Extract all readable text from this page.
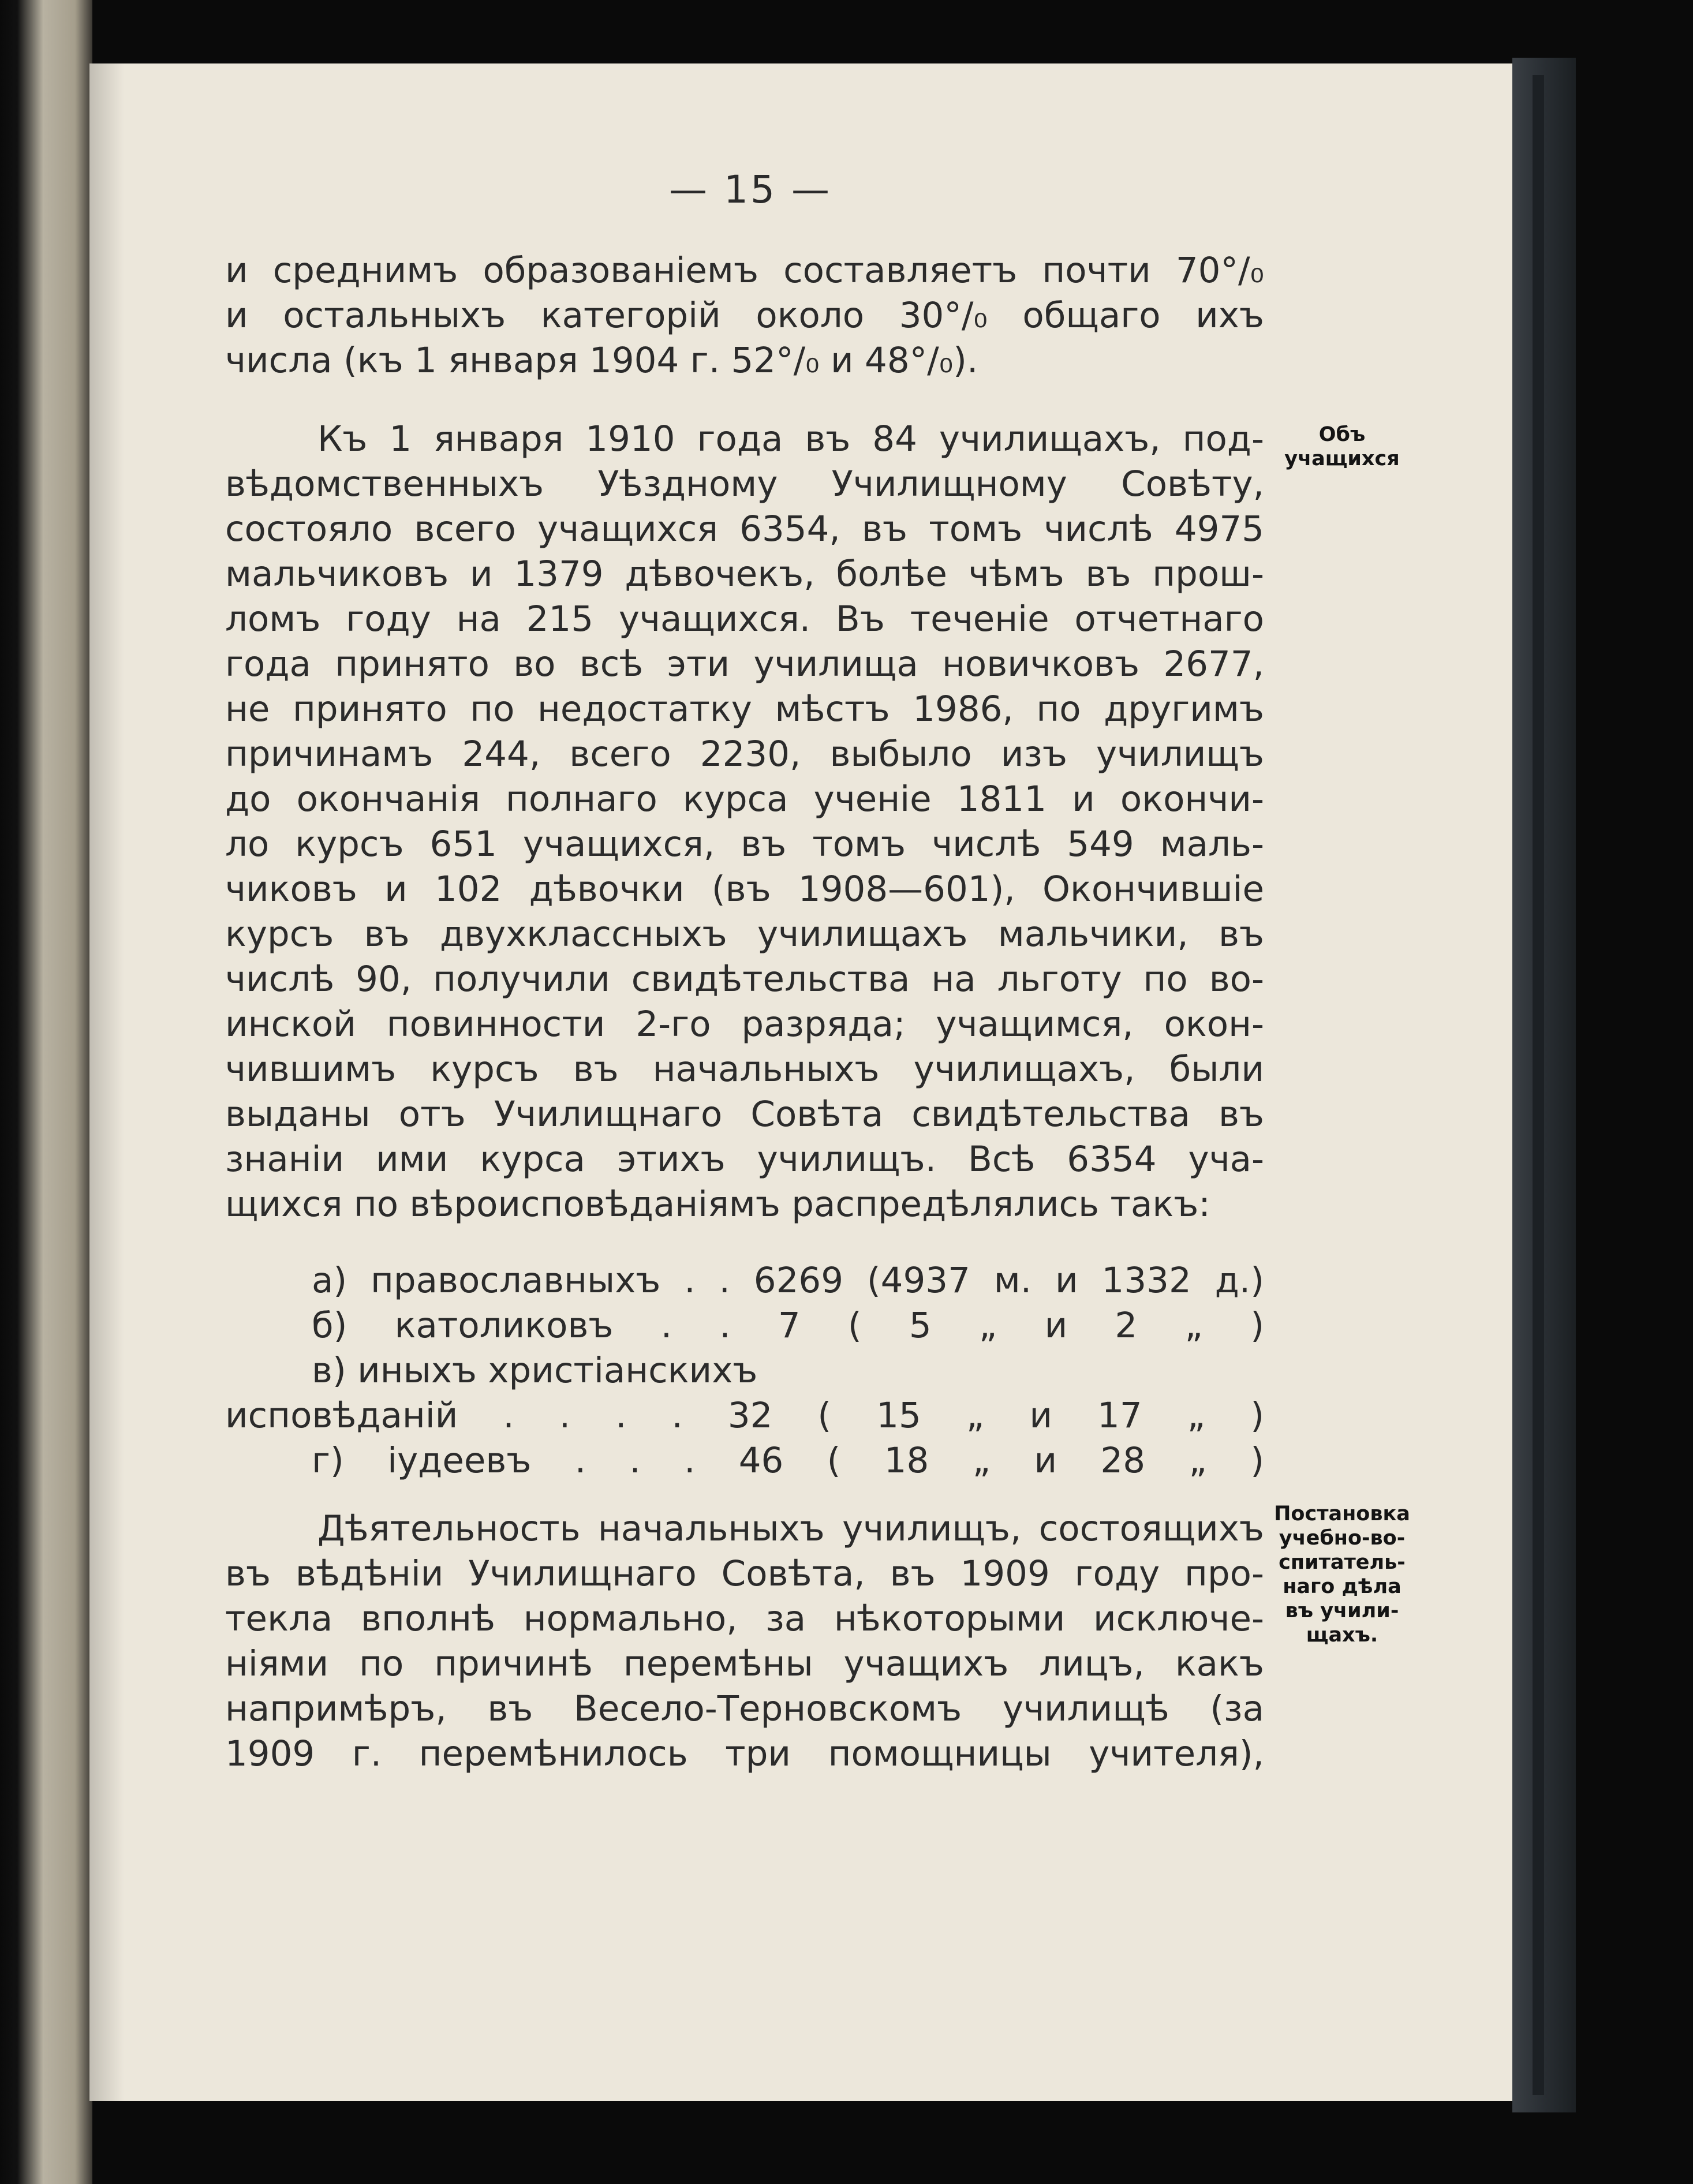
— 15 —
и среднимъ образованіемъ составляетъ почти 70°/₀
и остальныхъ категорій около 30°/₀ общаго ихъ
числа (къ 1 января 1904 г. 52°/₀ и 48°/₀).
Къ 1 января 1910 года въ 84 училищахъ, под-
вѣдомственныхъ Уѣздному Училищному Совѣту,
состояло всего учащихся 6354, въ томъ числѣ 4975
мальчиковъ и 1379 дѣвочекъ, болѣе чѣмъ въ прош-
ломъ году на 215 учащихся. Въ теченіе отчетнаго
года принято во всѣ эти училища новичковъ 2677,
не принято по недостатку мѣстъ 1986, по другимъ
причинамъ 244, всего 2230, выбыло изъ училищъ
до окончанія полнаго курса ученіе 1811 и окончи-
ло курсъ 651 учащихся, въ томъ числѣ 549 маль-
чиковъ и 102 дѣвочки (въ 1908—601), Окончившіе
курсъ въ двухклассныхъ училищахъ мальчики, въ
числѣ 90, получили свидѣтельства на льготу по во-
инской повинности 2-го разряда; учащимся, окон-
чившимъ курсъ въ начальныхъ училищахъ, были
выданы отъ Училищнаго Совѣта свидѣтельства въ
знаніи ими курса этихъ училищъ. Всѣ 6354 уча-
щихся по вѣроисповѣданіямъ распредѣлялись такъ:
а) православныхъ . . 6269 (4937 м. и 1332 д.)
б) католиковъ . . 7 ( 5 „ и 2 „ )
в) иныхъ христіанскихъ
исповѣданій . . . . 32 ( 15 „ и 17 „ )
г) іудеевъ . . . 46 ( 18 „ и 28 „ )
Дѣятельность начальныхъ училищъ, состоящихъ
въ вѣдѣніи Училищнаго Совѣта, въ 1909 году про-
текла вполнѣ нормально, за нѣкоторыми исключе-
ніями по причинѣ перемѣны учащихъ лицъ, какъ
напримѣръ, въ Весело-Терновскомъ училищѣ (за
1909 г. перемѣнилось три помощницы учителя),
Объ
учащихся
Постановка
учебно-во-
спитатель-
наго дѣла
въ учили-
щахъ.
